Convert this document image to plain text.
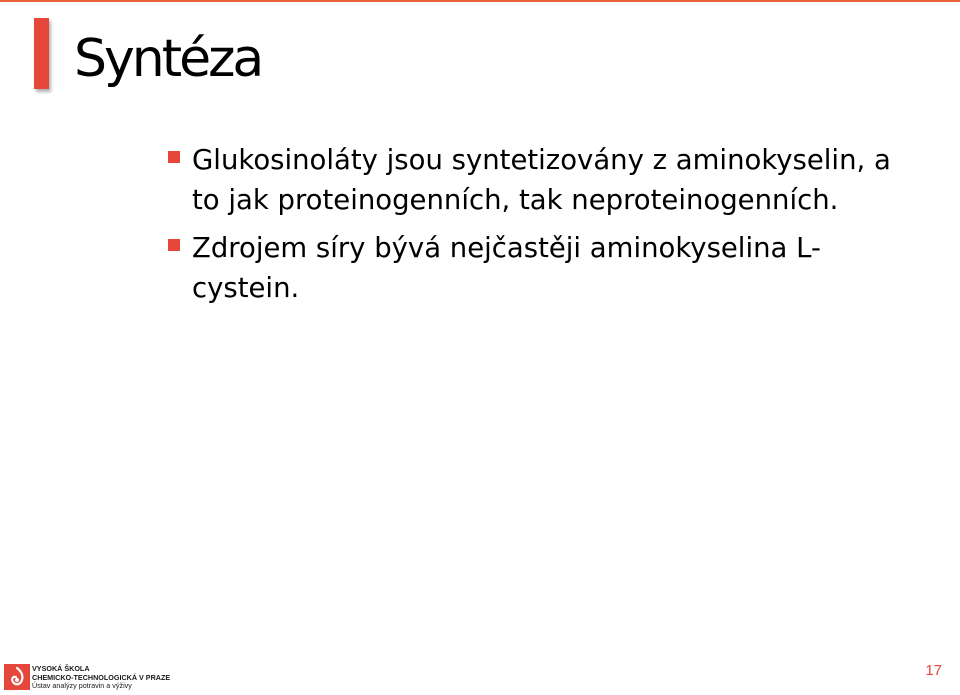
Syntéza
Glukosinoláty jsou syntetizovány z aminokyselin, a to jak proteinogenních, tak neproteinogenních.
Zdrojem síry bývá nejčastěji aminokyselina L-cystein.
VYSOKÁ ŠKOLA
CHEMICKO-TECHNOLOGICKÁ V PRAZE
Ústav analýzy potravin a výživy
17
